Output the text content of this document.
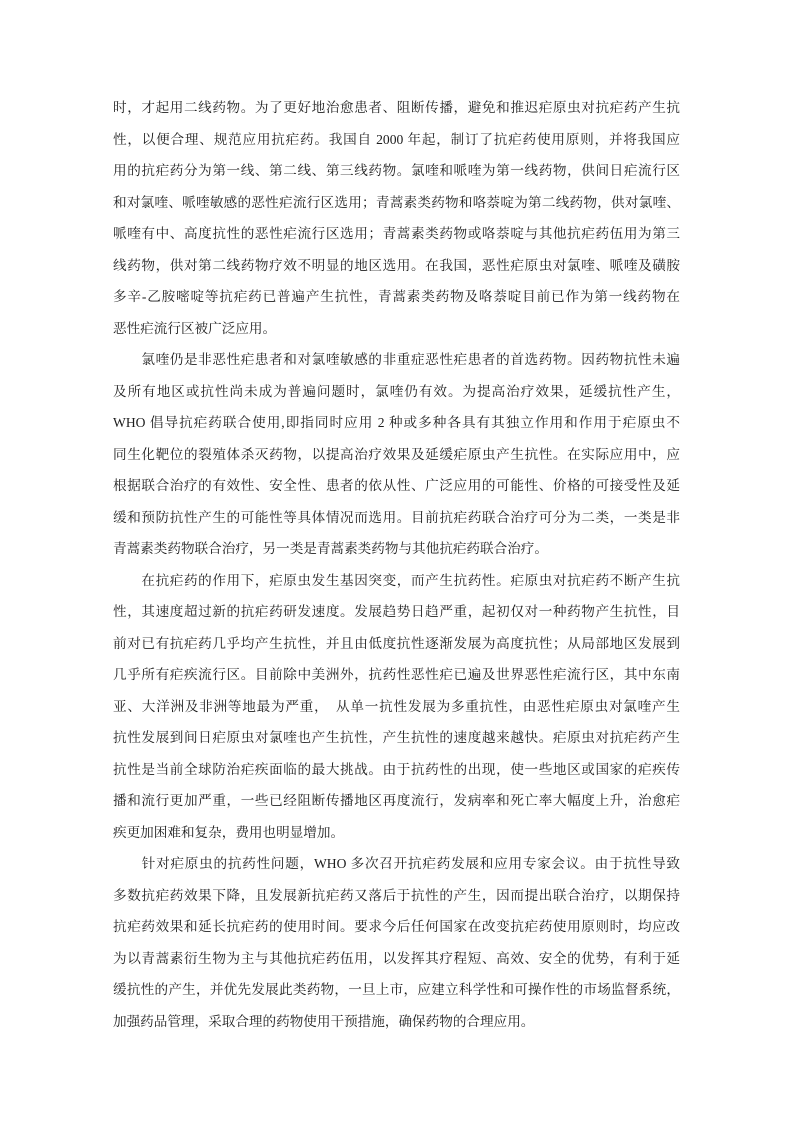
时，才起用二线药物。为了更好地治愈患者、阻断传播，避免和推迟疟原虫对抗疟药产生抗
性，以便合理、规范应用抗疟药。我国自 2000 年起，制订了抗疟药使用原则，并将我国应
用的抗疟药分为第一线、第二线、第三线药物。氯喹和哌喹为第一线药物，供间日疟流行区
和对氯喹、哌喹敏感的恶性疟流行区选用；青蒿素类药物和咯萘啶为第二线药物，供对氯喹、
哌喹有中、高度抗性的恶性疟流行区选用；青蒿素类药物或咯萘啶与其他抗疟药伍用为第三
线药物，供对第二线药物疗效不明显的地区选用。在我国，恶性疟原虫对氯喹、哌喹及磺胺
多辛-乙胺嘧啶等抗疟药已普遍产生抗性，青蒿素类药物及咯萘啶目前已作为第一线药物在
恶性疟流行区被广泛应用。
　　氯喹仍是非恶性疟患者和对氯喹敏感的非重症恶性疟患者的首选药物。因药物抗性未遍
及所有地区或抗性尚未成为普遍问题时，氯喹仍有效。为提高治疗效果，延缓抗性产生，
WHO 倡导抗疟药联合使用,即指同时应用 2 种或多种各具有其独立作用和作用于疟原虫不
同生化靶位的裂殖体杀灭药物，以提高治疗效果及延缓疟原虫产生抗性。在实际应用中，应
根据联合治疗的有效性、安全性、患者的依从性、广泛应用的可能性、价格的可接受性及延
缓和预防抗性产生的可能性等具体情况而选用。目前抗疟药联合治疗可分为二类，一类是非
青蒿素类药物联合治疗，另一类是青蒿素类药物与其他抗疟药联合治疗。
　　在抗疟药的作用下，疟原虫发生基因突变，而产生抗药性。疟原虫对抗疟药不断产生抗
性，其速度超过新的抗疟药研发速度。发展趋势日趋严重，起初仅对一种药物产生抗性，目
前对已有抗疟药几乎均产生抗性，并且由低度抗性逐渐发展为高度抗性；从局部地区发展到
几乎所有疟疾流行区。目前除中美洲外，抗药性恶性疟已遍及世界恶性疟流行区，其中东南
亚、大洋洲及非洲等地最为严重，　从单一抗性发展为多重抗性，由恶性疟原虫对氯喹产生
抗性发展到间日疟原虫对氯喹也产生抗性，产生抗性的速度越来越快。疟原虫对抗疟药产生
抗性是当前全球防治疟疾面临的最大挑战。由于抗药性的出现，使一些地区或国家的疟疾传
播和流行更加严重，一些已经阻断传播地区再度流行，发病率和死亡率大幅度上升，治愈疟
疾更加困难和复杂，费用也明显增加。
　　针对疟原虫的抗药性问题，WHO 多次召开抗疟药发展和应用专家会议。由于抗性导致
多数抗疟药效果下降，且发展新抗疟药又落后于抗性的产生，因而提出联合治疗，以期保持
抗疟药效果和延长抗疟药的使用时间。要求今后任何国家在改变抗疟药使用原则时，均应改
为以青蒿素衍生物为主与其他抗疟药伍用，以发挥其疗程短、高效、安全的优势，有利于延
缓抗性的产生，并优先发展此类药物，一旦上市，应建立科学性和可操作性的市场监督系统，
加强药品管理，采取合理的药物使用干预措施，确保药物的合理应用。
